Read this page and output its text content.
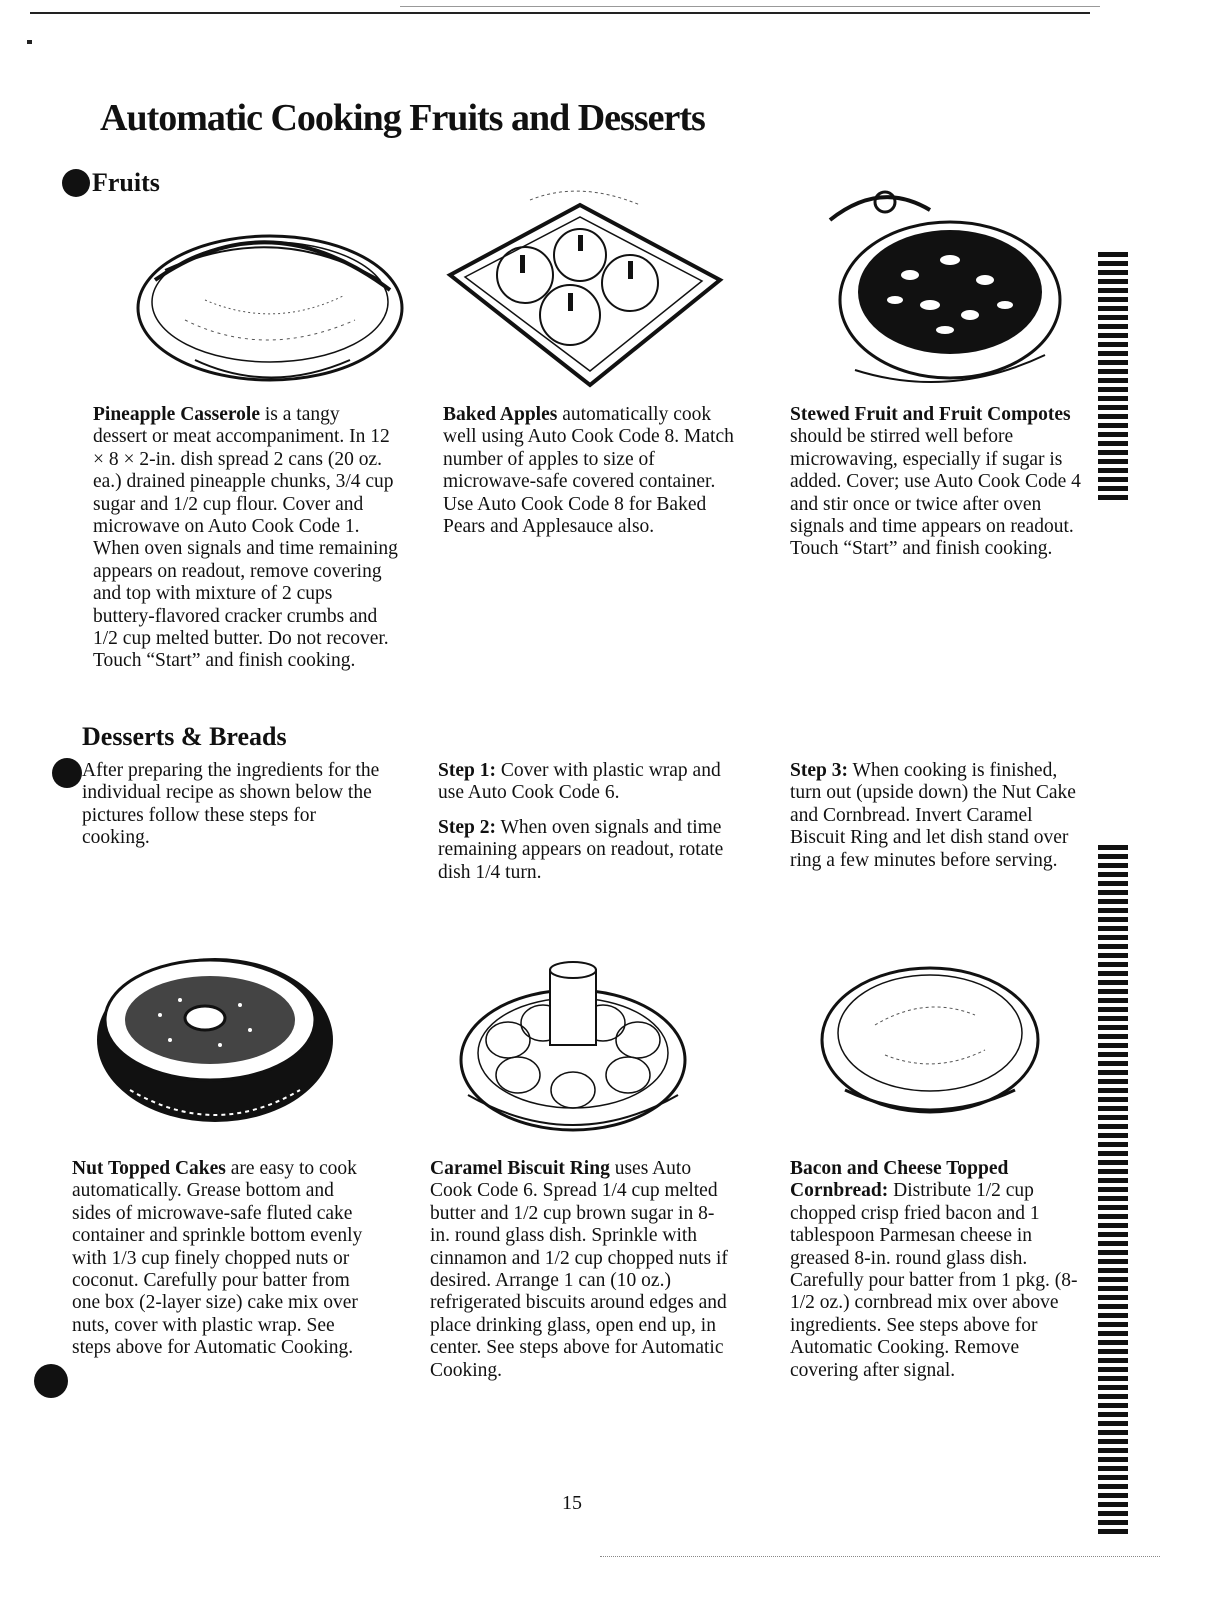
Automatic Cooking Fruits and Desserts
Fruits

Pineapple Casserole is a tangy dessert or meat accompaniment. In 12 × 8 × 2-in. dish spread 2 cans (20 oz. ea.) drained pineapple chunks, 3/4 cup sugar and 1/2 cup flour. Cover and microwave on Auto Cook Code 1. When oven signals and time remaining appears on readout, remove covering and top with mixture of 2 cups buttery-flavored cracker crumbs and 1/2 cup melted butter. Do not recover. Touch “Start” and finish cooking.

Baked Apples automatically cook well using Auto Cook Code 8. Match number of apples to size of microwave-safe covered container. Use Auto Cook Code 8 for Baked Pears and Applesauce also.

Stewed Fruit and Fruit Compotes should be stirred well before microwaving, especially if sugar is added. Cover; use Auto Cook Code 4 and stir once or twice after oven signals and time appears on readout. Touch “Start” and finish cooking.

Desserts & Breads

After preparing the ingredients for the individual recipe as shown below the pictures follow these steps for cooking.

Step 1: Cover with plastic wrap and use Auto Cook Code 6.

Step 2: When oven signals and time remaining appears on readout, rotate dish 1/4 turn.

Step 3: When cooking is finished, turn out (upside down) the Nut Cake and Cornbread. Invert Caramel Biscuit Ring and let dish stand over ring a few minutes before serving.

Nut Topped Cakes are easy to cook automatically. Grease bottom and sides of microwave-safe fluted cake container and sprinkle bottom evenly with 1/3 cup finely chopped nuts or coconut. Carefully pour batter from one box (2-layer size) cake mix over nuts, cover with plastic wrap. See steps above for Automatic Cooking.

Caramel Biscuit Ring uses Auto Cook Code 6. Spread 1/4 cup melted butter and 1/2 cup brown sugar in 8-in. round glass dish. Sprinkle with cinnamon and 1/2 cup chopped nuts if desired. Arrange 1 can (10 oz.) refrigerated biscuits around edges and place drinking glass, open end up, in center. See steps above for Automatic Cooking.

Bacon and Cheese Topped Cornbread: Distribute 1/2 cup chopped crisp fried bacon and 1 tablespoon Parmesan cheese in greased 8-in. round glass dish. Carefully pour batter from 1 pkg. (8-1/2 oz.) cornbread mix over above ingredients. See steps above for Automatic Cooking. Remove covering after signal.

15
